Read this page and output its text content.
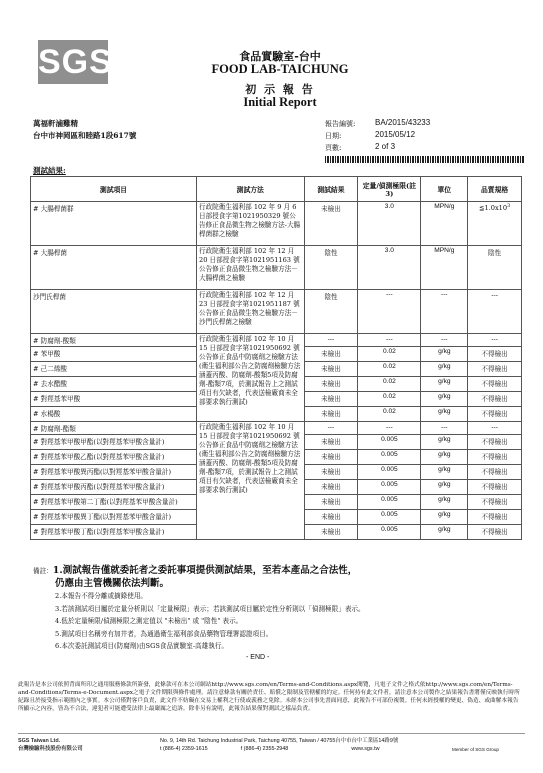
SGS	食品實驗室-台中
FOOD LAB-TAICHUNG
初 示 報 告
Initial Report
萬福軒滷雞精
台中市神岡區和睦路1段617號
報告編號: BA/2015/43233
日期:	2015/05/12
頁數:	2 of 3
測試結果:
測試項目	測試方法	測試結果	定量/偵測極限(註3)	單位	品質規格
# 大腸桿菌群	行政院衛生福利部 102 年 9 月 6 日部授食字第1021950329 號公告修正食品微生物之檢驗方法-大腸桿菌群之檢驗	未檢出	3.0	MPN/g	$≦1.0x10^3$
# 大腸桿菌	行政院衛生福利部 102 年 12 月 20 日部授食字第1021951163 號公告修正食品微生物之檢驗方法－大腸桿菌之檢驗	陰性	3.0	MPN/g	陰性
沙門氏桿菌	行政院衛生福利部 102 年 12 月 23 日部授食字第1021951187 號公告修正食品微生物之檢驗方法－沙門氏桿菌之檢驗	陰性	---	---	---
# 防腐劑-酸類	行政院衛生福利部 102 年 10 月 15 日部授食字第1021950692 號公告修正食品中防腐劑之檢驗方法(衛生福利部公告之防腐劑檢驗方法涵蓋丙酸、防腐劑-酸類5項及防腐劑-酯類7項，於測試報告上之測試項目有欠缺者，代表送檢廠商未全部要求執行測試)	---	---	---	---
# 苯甲酸		未檢出	0.02	g/kg	不得檢出
# 己二烯酸		未檢出	0.02	g/kg	不得檢出
# 去水醋酸		未檢出	0.02	g/kg	不得檢出
# 對羥基苯甲酸		未檢出	0.02	g/kg	不得檢出
# 水楊酸		未檢出	0.02	g/kg	不得檢出
# 防腐劑-酯類	行政院衛生福利部 102 年 10 月 15 日部授食字第1021950692 號公告修正食品中防腐劑之檢驗方法(衛生福利部公告之防腐劑檢驗方法涵蓋丙酸、防腐劑-酸類5項及防腐劑-酯類7項，於測試報告上之測試項目有欠缺者，代表送檢廠商未全部要求執行測試)	---	---	---	---
# 對羥基苯甲酸甲酯(以對羥基苯甲酸含量計)		未檢出	0.005	g/kg	不得檢出
# 對羥基苯甲酸乙酯(以對羥基苯甲酸含量計)		未檢出	0.005	g/kg	不得檢出
# 對羥基苯甲酸異丙酯(以對羥基苯甲酸含量計)		未檢出	0.005	g/kg	不得檢出
# 對羥基苯甲酸丙酯(以對羥基苯甲酸含量計)		未檢出	0.005	g/kg	不得檢出
# 對羥基苯甲酸第二丁酯(以對羥基苯甲酸含量計)		未檢出	0.005	g/kg	不得檢出
# 對羥基苯甲酸異丁酯(以對羥基苯甲酸含量計)		未檢出	0.005	g/kg	不得檢出
# 對羥基苯甲酸丁酯(以對羥基苯甲酸含量計)		未檢出	0.005	g/kg	不得檢出
備註：1.測試報告僅就委託者之委託事項提供測試結果，至若本產品之合法性，
仍應由主管機關依法判斷。
2.本報告不得分離或摘錄使用。
3.若該測試項目屬於定量分析則以「定量極限」表示；若該測試項目屬於定性分析則以「偵測極限」表示。
4.低於定量極限/偵測極限之測定值以 "未檢出" 或 "陰性" 表示。
5.測試項目名稱旁有加井者，為通過衛生福利部食品藥物管理署認證項目。
6.本次委託測試項目(防腐劑)由SGS食品實驗室-高雄執行。
- END -
此報告是本公司依照背面所印之通用服務條款所簽發，此條款可在本公司網站http://www.sgs.com/en/Terms-and-Conditions.aspx閱覽，凡電子文件之格式依http://www.sgs.com/en/Terms-and-Conditions/Terms-e-Document.aspx之電子文件期限與條件處理。請注意條款有關於責任、賠償之限制及管轄權的約定。任何持有此文件者，請注意本公司製作之結果報告書將僅反映執行時所紀錄且於接受指示範圍內之事實。本公司僅對客戶負責，此文件不妨礙在交易上權利之行使或義務之免除。未經本公司事先書面同意，此報告不可部份複製。任何未經授權的變更、偽造、或曲解本報告所顯示之內容，皆為不合法，違犯者可能遭受法律上最嚴厲之追訴。除非另有說明，此報告結果僅對測試之樣品負責。
SGS Taiwan Ltd.
台灣檢驗科技股份有限公司
No. 9, 14th Rd. Taichung Industrial Park, Taichung 40755, Taiwan / 40755台中市台中工業區14路9號
t (886-4) 2359-1615	f (886-4) 2355-2948	www.sgs.tw	Member of SGS Group
